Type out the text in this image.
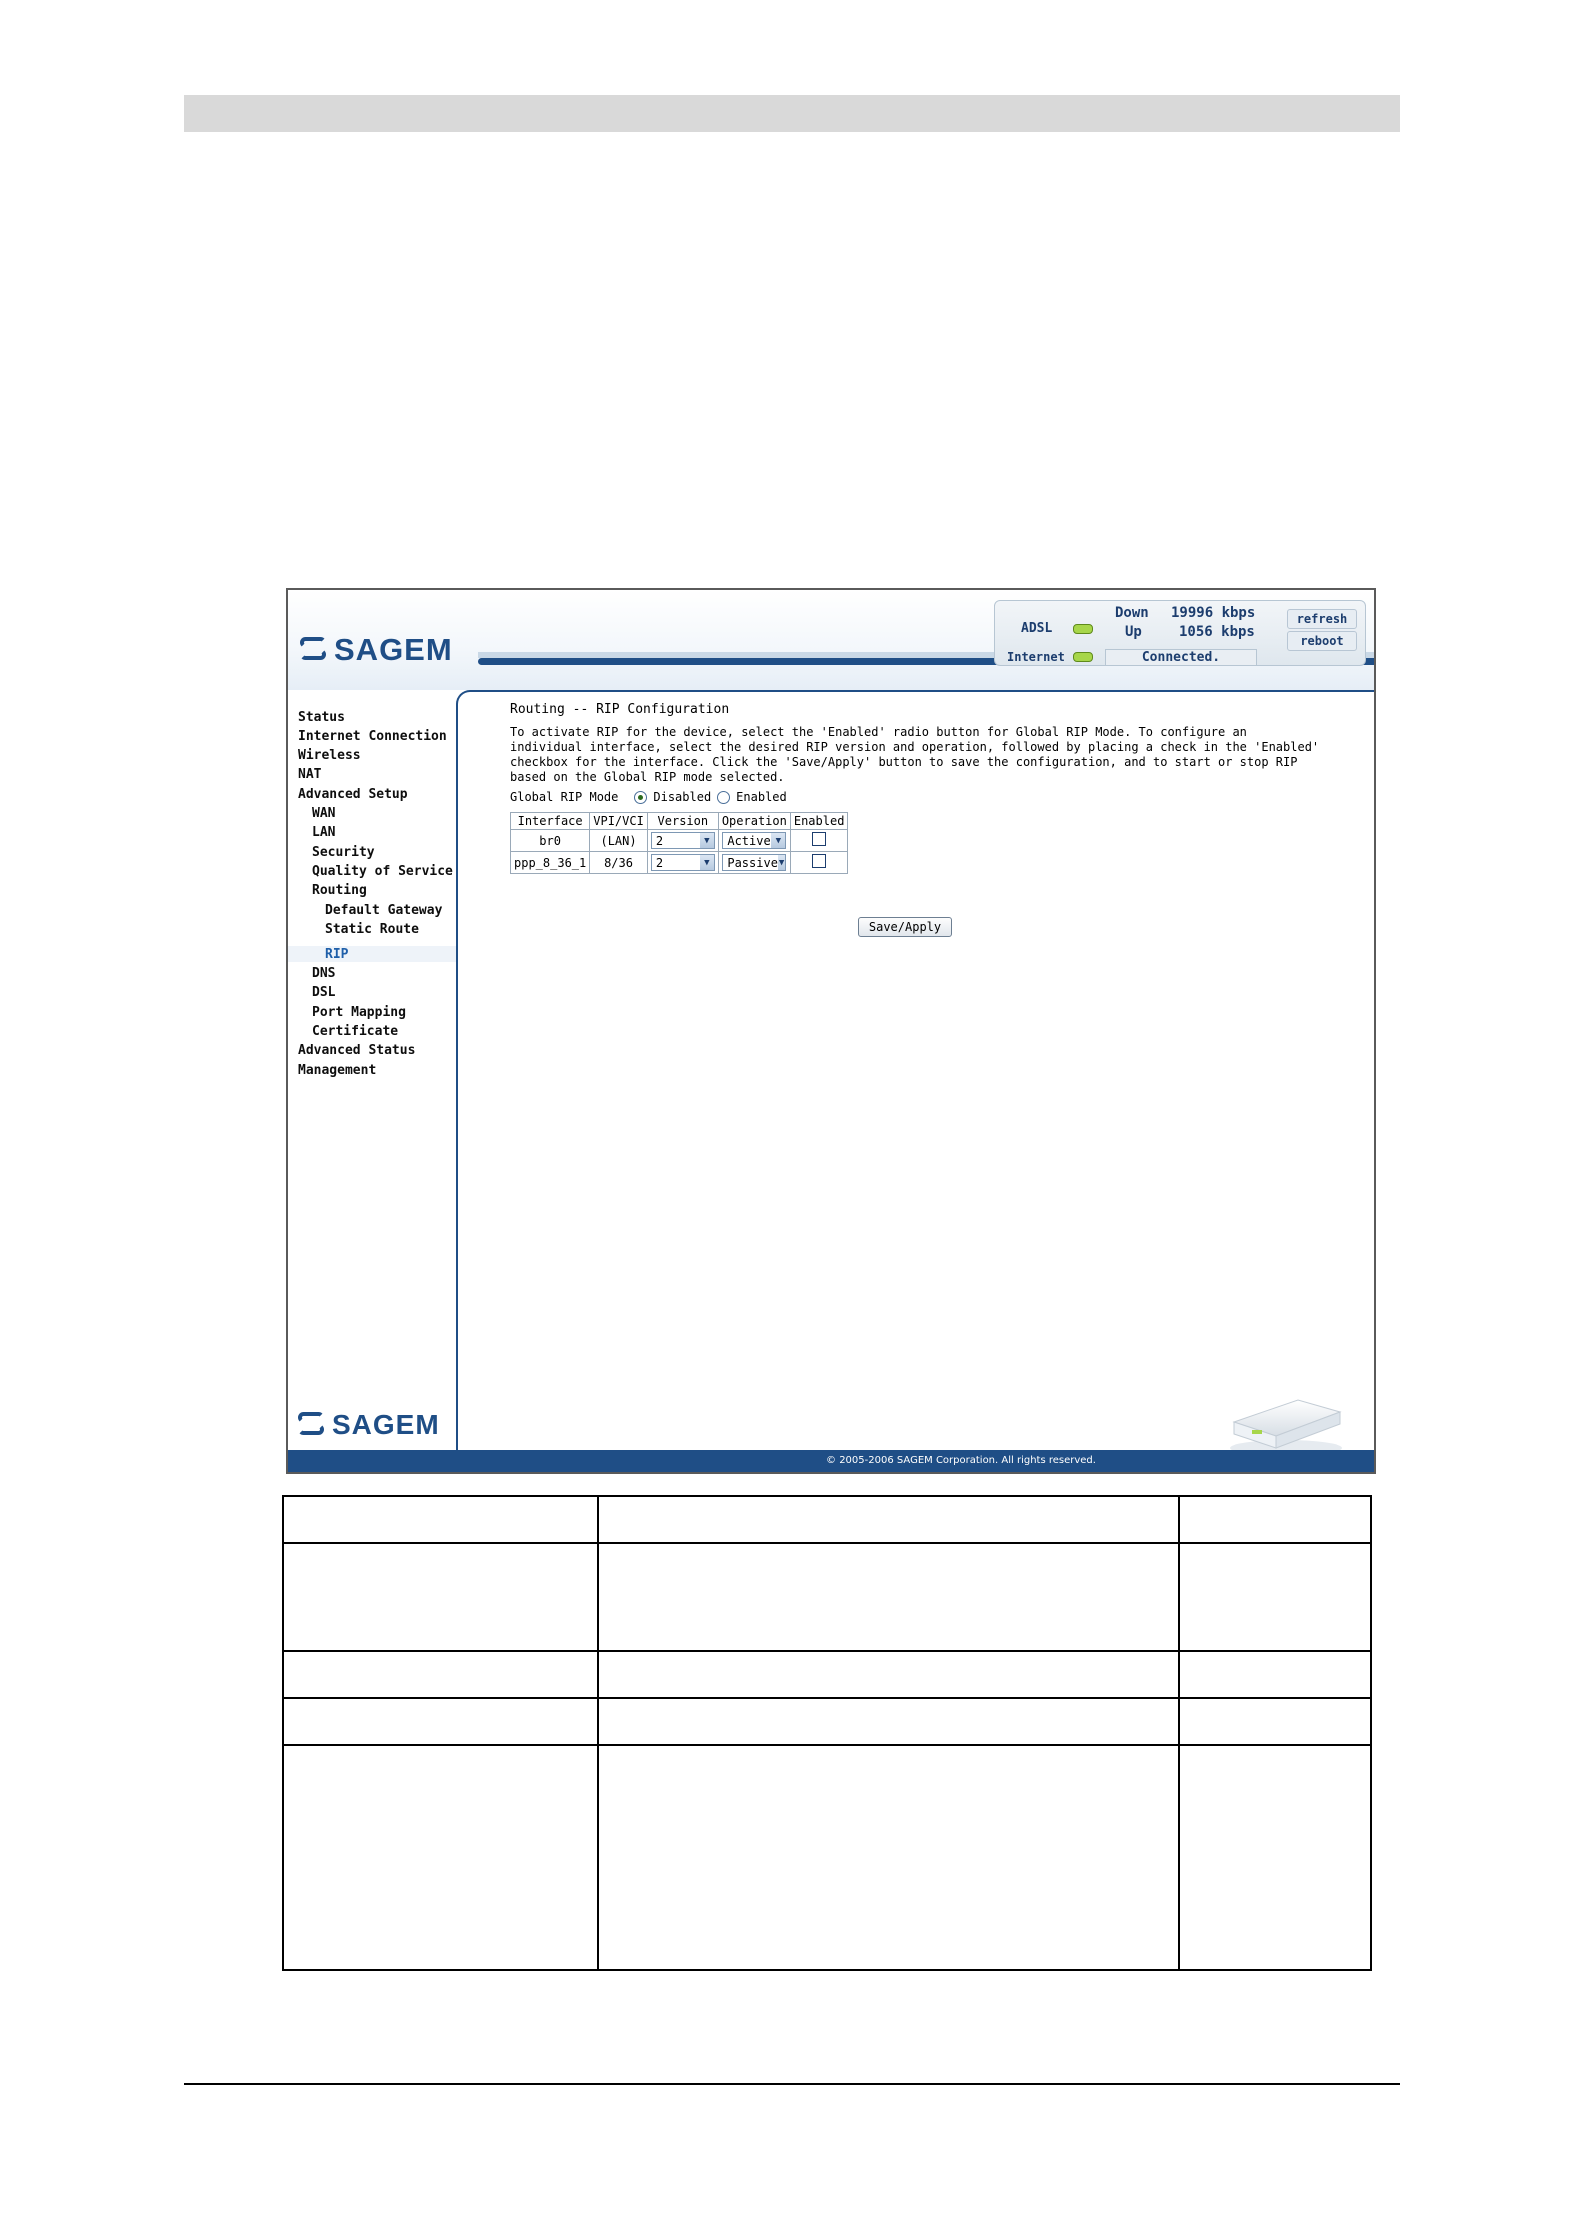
SAGEM
ADSL
Internet
Down 19996 kbps
Up	1056 kbps
Connected.
refresh
reboot
Status
Internet Connection
Wireless
NAT
Advanced Setup
WAN
LAN
Security
Quality of Service
Routing
Default Gateway
Static Route
RIP
DNS
DSL
Port Mapping
Certificate
Advanced Status
Management
SAGEM
Routing -- RIP Configuration
To activate RIP for the device, select the 'Enabled' radio button for Global RIP Mode. To configure an individual interface, select the desired RIP version and operation, followed by placing a check in the 'Enabled' checkbox for the interface. Click the 'Save/Apply' button to save the configuration, and to start or stop RIP based on the Global RIP mode selected.
Global RIP Mode	Disabled Enabled
Interface	VPI/VCI	Version	Operation	Enabled
br0	(LAN)	2 ▼	Active ▼	

ppp_8_36_1	8/36	2 ▼	Passive ▼	

Save/Apply
© 2005-2006 SAGEM Corporation. All rights reserved.
